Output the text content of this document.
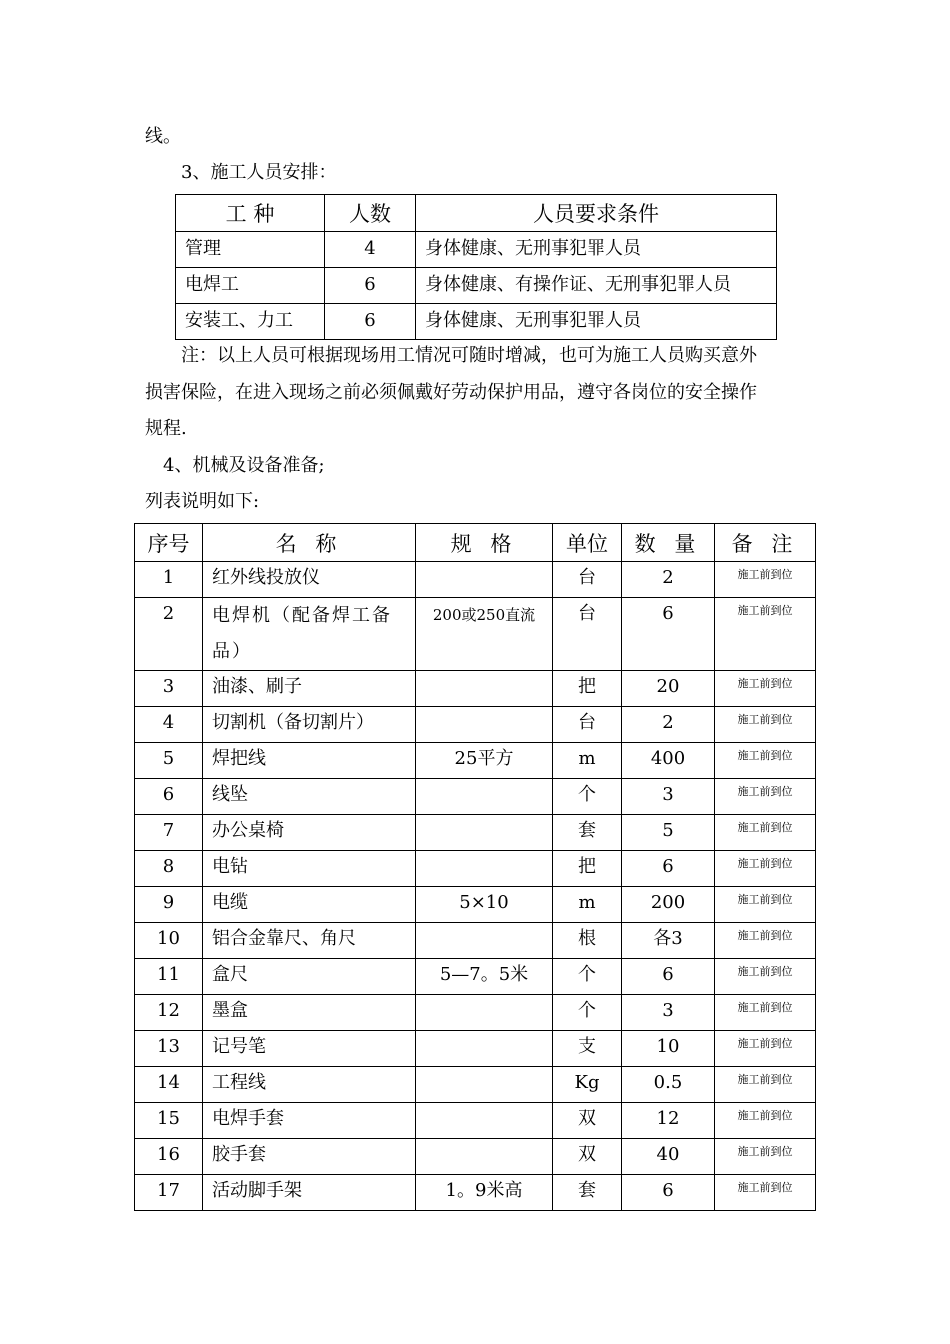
线。
3、施工人员安排：
工 种	人数	人员要求条件
管理	4	身体健康、无刑事犯罪人员
电焊工	6	身体健康、有操作证、无刑事犯罪人员
安装工、力工	6	身体健康、无刑事犯罪人员
注：以上人员可根据现场用工情况可随时增减，也可为施工人员购买意外
损害保险，在进入现场之前必须佩戴好劳动保护用品，遵守各岗位的安全操作
规程.
4、机械及设备准备;
列表说明如下:
序号	名 称	规 格	单位	数 量	备 注
1	红外线投放仪		台	2	施工前到位
2	电焊机（配备焊工备品）	200或250直流	台	6	施工前到位
3	油漆、刷子		把	20	施工前到位
4	切割机（备切割片）		台	2	施工前到位
5	焊把线	25平方	m	400	施工前到位
6	线坠		个	3	施工前到位
7	办公桌椅		套	5	施工前到位
8	电钻		把	6	施工前到位
9	电缆	5×10	m	200	施工前到位
10	铝合金靠尺、角尺		根	各3	施工前到位
11	盒尺	5—7。5米	个	6	施工前到位
12	墨盒		个	3	施工前到位
13	记号笔		支	10	施工前到位
14	工程线		Kg	0.5	施工前到位
15	电焊手套		双	12	施工前到位
16	胶手套		双	40	施工前到位
17	活动脚手架	1。9米高	套	6	施工前到位
